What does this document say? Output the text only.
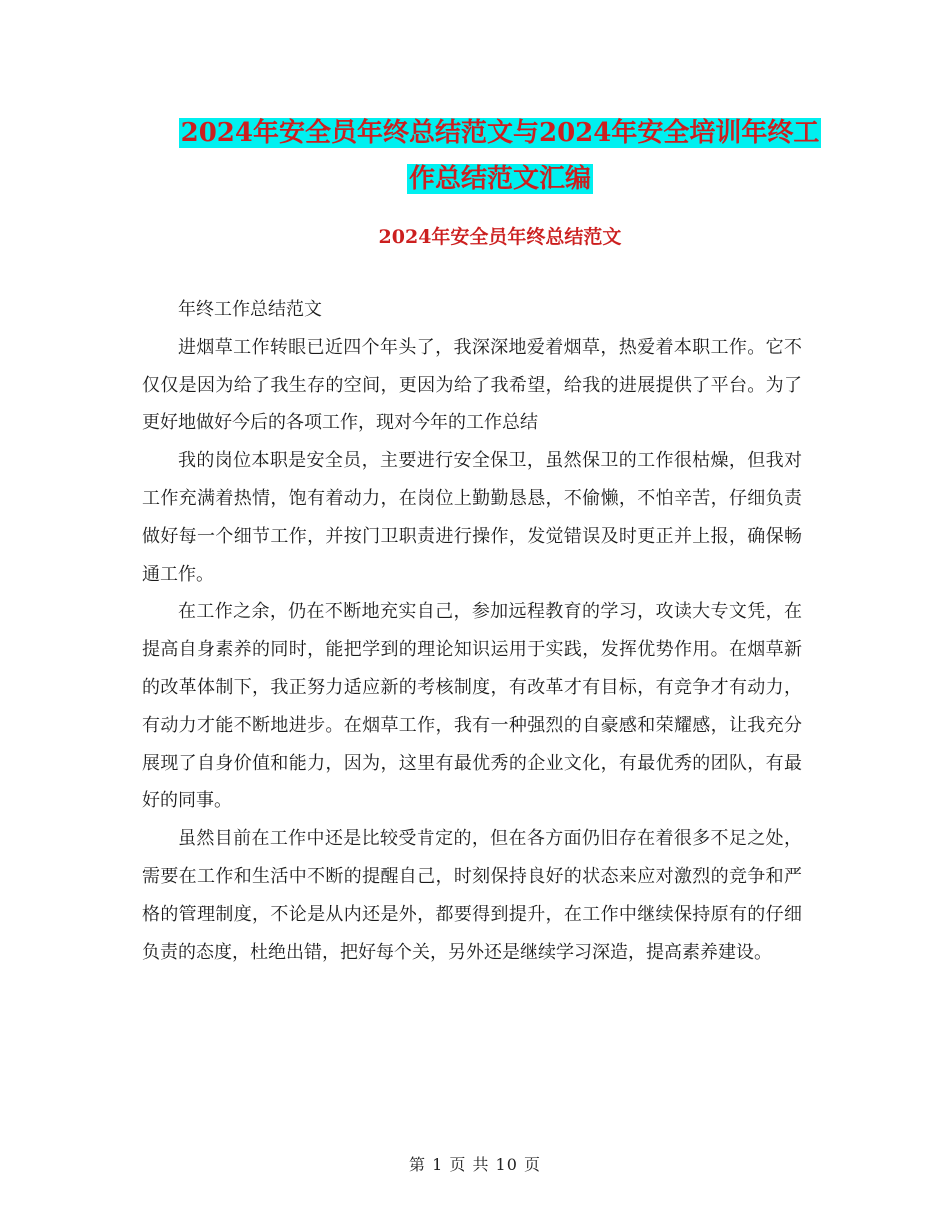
2024年安全员年终总结范文与2024年安全培训年终工
作总结范文汇编
2024年安全员年终总结范文

年终工作总结范文

进烟草工作转眼已近四个年头了，我深深地爱着烟草，热爱着本职工作。它不仅仅是因为给了我生存的空间，更因为给了我希望，给我的进展提供了平台。为了更好地做好今后的各项工作，现对今年的工作总结

我的岗位本职是安全员，主要进行安全保卫，虽然保卫的工作很枯燥，但我对工作充满着热情，饱有着动力，在岗位上勤勤恳恳，不偷懒，不怕辛苦，仔细负责做好每一个细节工作，并按门卫职责进行操作，发觉错误及时更正并上报，确保畅通工作。

在工作之余，仍在不断地充实自己，参加远程教育的学习，攻读大专文凭，在提高自身素养的同时，能把学到的理论知识运用于实践，发挥优势作用。在烟草新的改革体制下，我正努力适应新的考核制度，有改革才有目标，有竞争才有动力，有动力才能不断地进步。在烟草工作，我有一种强烈的自豪感和荣耀感，让我充分展现了自身价值和能力，因为，这里有最优秀的企业文化，有最优秀的团队，有最好的同事。

虽然目前在工作中还是比较受肯定的，但在各方面仍旧存在着很多不足之处，需要在工作和生活中不断的提醒自己，时刻保持良好的状态来应对激烈的竞争和严格的管理制度，不论是从内还是外，都要得到提升，在工作中继续保持原有的仔细负责的态度，杜绝出错，把好每个关，另外还是继续学习深造，提高素养建设。

第 1 页 共 10 页
